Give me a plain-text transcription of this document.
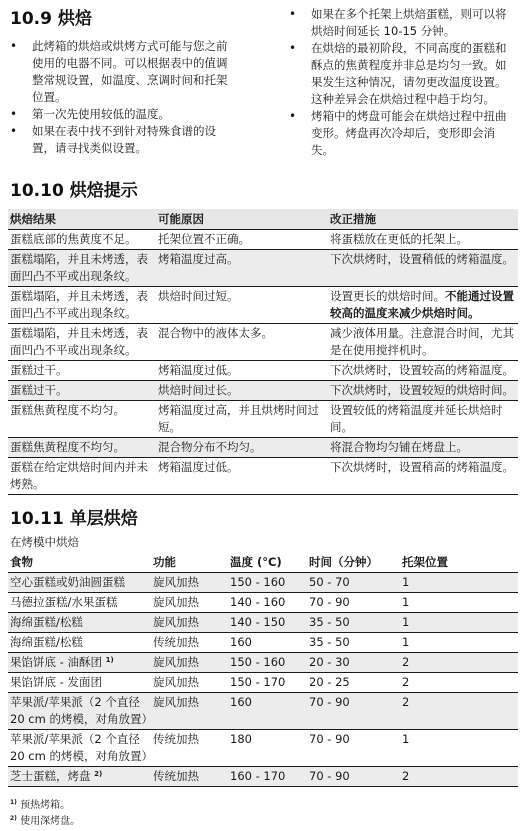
10.9 烘焙
• 此烤箱的烘焙或烘烤方式可能与您之前使用的电器不同。可以根据表中的值调整常规设置，如温度、烹调时间和托架位置。
• 第一次先使用较低的温度。
• 如果在表中找不到针对特殊食谱的设置，请寻找类似设置。
• 如果在多个托架上烘焙蛋糕，则可以将烘焙时间延长 10-15 分钟。
• 在烘焙的最初阶段，不同高度的蛋糕和酥点的焦黄程度并非总是均匀一致。如果发生这种情况，请勿更改温度设置。这种差异会在烘焙过程中趋于均匀。
• 烤箱中的烤盘可能会在烘焙过程中扭曲变形。烤盘再次冷却后，变形即会消失。
10.10 烘焙提示
烘焙结果	可能原因	改正措施
蛋糕底部的焦黄度不足。	托架位置不正确。	将蛋糕放在更低的托架上。
蛋糕塌陷，并且未烤透，表面凹凸不平或出现条纹。	烤箱温度过高。	下次烘烤时，设置稍低的烤箱温度。
蛋糕塌陷，并且未烤透，表面凹凸不平或出现条纹。	烘焙时间过短。	设置更长的烘焙时间。不能通过设置较高的温度来减少烘焙时间。
蛋糕塌陷，并且未烤透，表面凹凸不平或出现条纹。	混合物中的液体太多。	减少液体用量。注意混合时间，尤其是在使用搅拌机时。
蛋糕过干。	烤箱温度过低。	下次烘烤时，设置较高的烤箱温度。
蛋糕过干。	烘焙时间过长。	下次烘烤时，设置较短的烘焙时间。
蛋糕焦黄程度不均匀。	烤箱温度过高，并且烘烤时间过短。	设置较低的烤箱温度并延长烘焙时间。
蛋糕焦黄程度不均匀。	混合物分布不均匀。	将混合物均匀铺在烤盘上。
蛋糕在给定烘焙时间内并未烤熟。	烤箱温度过低。	下次烘烤时，设置稍高的烤箱温度。
10.11 单层烘焙
在烤模中烘焙
食物	功能	温度 (°C)	时间（分钟）	托架位置
空心蛋糕或奶油圆蛋糕	旋风加热	150 - 160	50 - 70	1
马德拉蛋糕/水果蛋糕	旋风加热	140 - 160	70 - 90	1
海绵蛋糕/松糕	旋风加热	140 - 150	35 - 50	1
海绵蛋糕/松糕	传统加热	160	35 - 50	1
果馅饼底 - 油酥团 $^{1)}$	旋风加热	150 - 160	20 - 30	2
果馅饼底 - 发面团	旋风加热	150 - 170	20 - 25	2
苹果派/苹果派（2 个直径 20 cm 的烤模，对角放置）	旋风加热	160	70 - 90	2
苹果派/苹果派（2 个直径 20 cm 的烤模，对角放置）	传统加热	180	70 - 90	1
芝士蛋糕，烤盘 $^{2)}$	传统加热	160 - 170	70 - 90	2
$^{1)}$ 预热烤箱。
$^{2)}$ 使用深烤盘。
